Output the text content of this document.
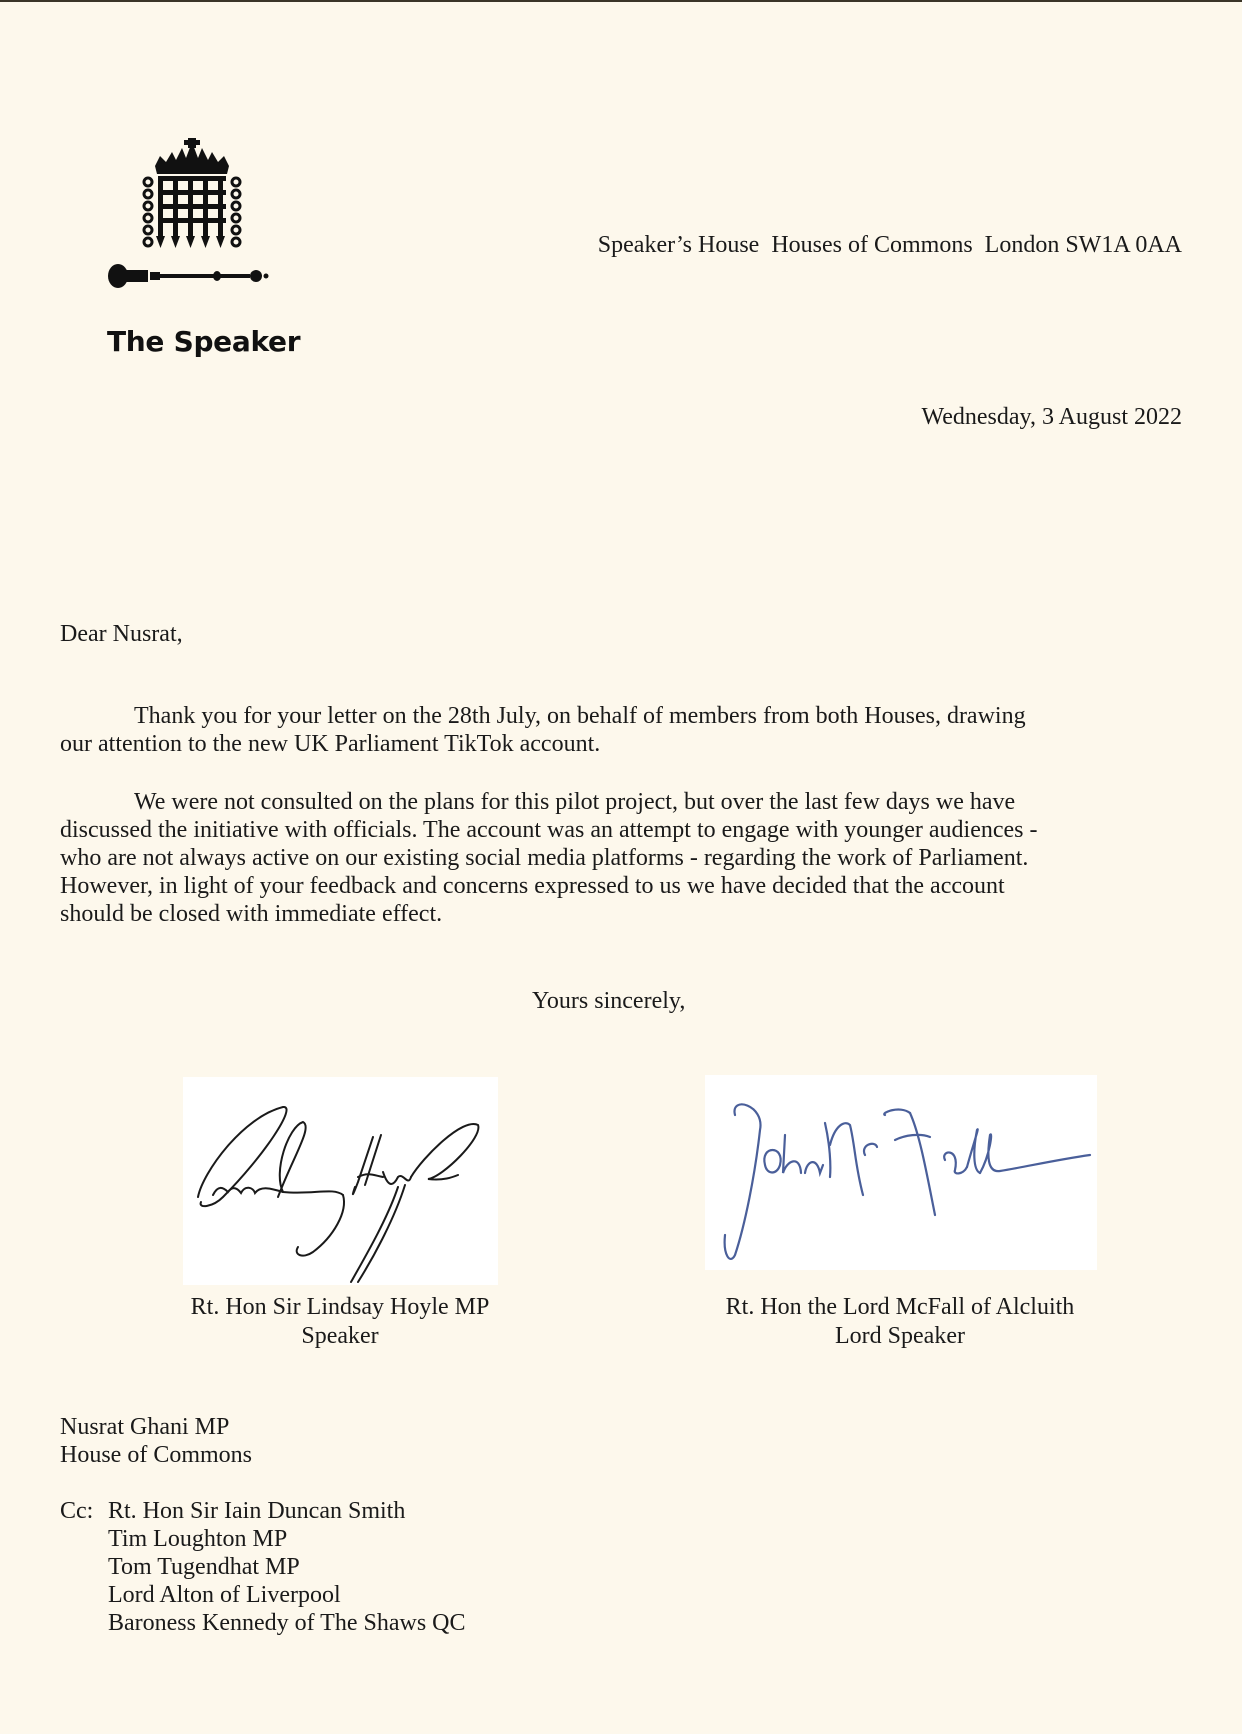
The Speaker
Speaker’s House  Houses of Commons  London SW1A 0AA
Wednesday, 3 August 2022
Dear Nusrat,
Thank you for your letter on the 28th July, on behalf of members from both Houses, drawing
our attention to the new UK Parliament TikTok account.
We were not consulted on the plans for this pilot project, but over the last few days we have
discussed the initiative with officials. The account was an attempt to engage with younger audiences -
who are not always active on our existing social media platforms - regarding the work of Parliament.
However, in light of your feedback and concerns expressed to us we have decided that the account
should be closed with immediate effect.
Yours sincerely,
Rt. Hon Sir Lindsay Hoyle MP
Speaker
Rt. Hon the Lord McFall of Alcluith
Lord Speaker
Nusrat Ghani MP
House of Commons
Cc: Rt. Hon Sir Iain Duncan Smith
Tim Loughton MP
Tom Tugendhat MP
Lord Alton of Liverpool
Baroness Kennedy of The Shaws QC
